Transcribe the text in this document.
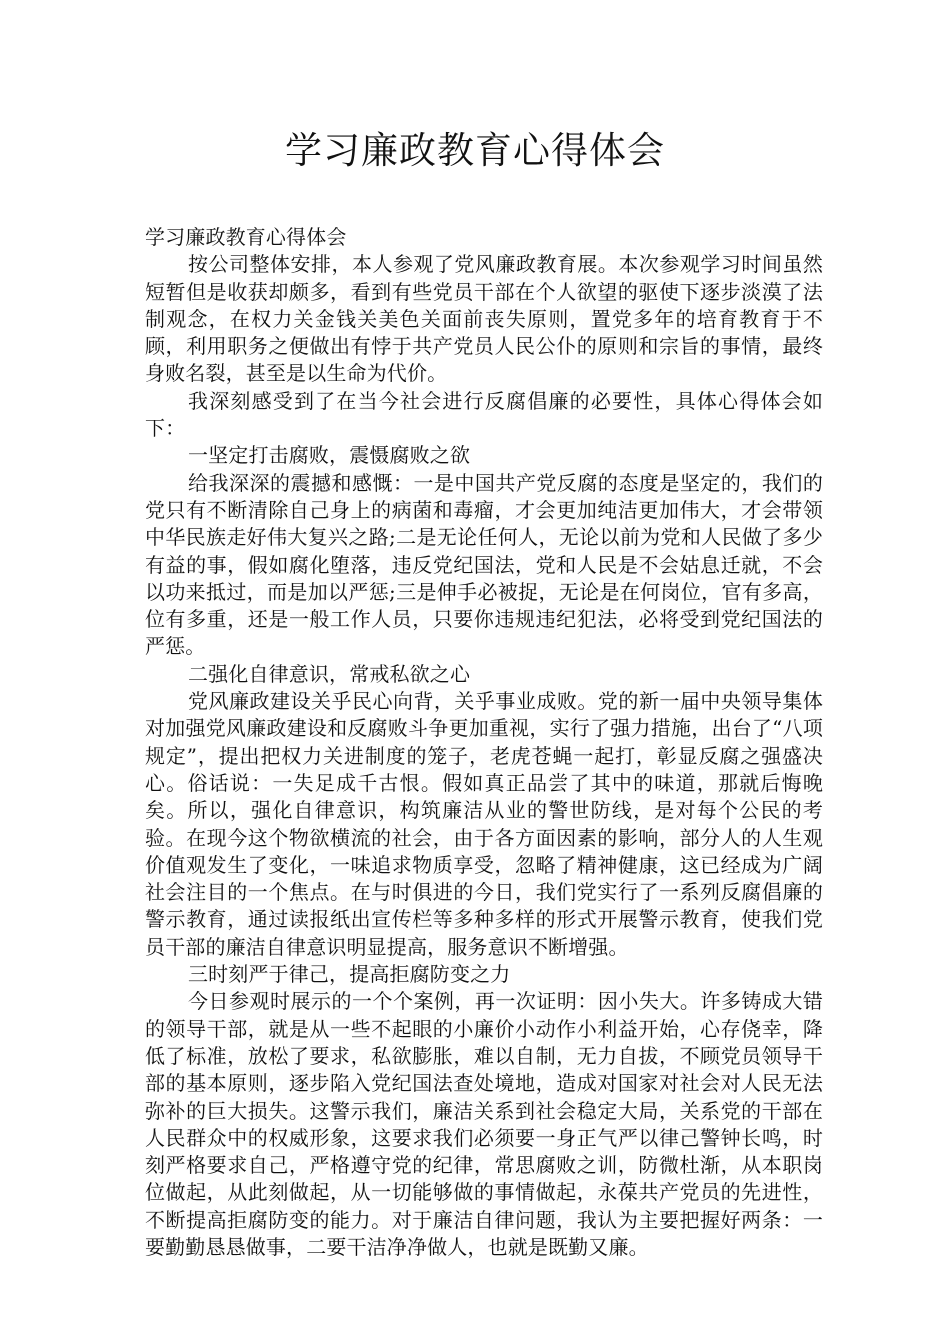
学习廉政教育心得体会

学习廉政教育心得体会

按公司整体安排，本人参观了党风廉政教育展。本次参观学习时间虽然短暂但是收获却颇多，看到有些党员干部在个人欲望的驱使下逐步淡漠了法制观念，在权力关金钱关美色关面前丧失原则，置党多年的培育教育于不顾，利用职务之便做出有悖于共产党员人民公仆的原则和宗旨的事情，最终身败名裂，甚至是以生命为代价。

我深刻感受到了在当今社会进行反腐倡廉的必要性，具体心得体会如下：

一坚定打击腐败，震慑腐败之欲

给我深深的震撼和感慨：一是中国共产党反腐的态度是坚定的，我们的党只有不断清除自己身上的病菌和毒瘤，才会更加纯洁更加伟大，才会带领中华民族走好伟大复兴之路;二是无论任何人，无论以前为党和人民做了多少有益的事，假如腐化堕落，违反党纪国法，党和人民是不会姑息迁就，不会以功来抵过，而是加以严惩;三是伸手必被捉，无论是在何岗位，官有多高，位有多重，还是一般工作人员，只要你违规违纪犯法，必将受到党纪国法的严惩。

二强化自律意识，常戒私欲之心

党风廉政建设关乎民心向背，关乎事业成败。党的新一届中央领导集体对加强党风廉政建设和反腐败斗争更加重视，实行了强力措施，出台了“八项规定”，提出把权力关进制度的笼子，老虎苍蝇一起打，彰显反腐之强盛决心。俗话说：一失足成千古恨。假如真正品尝了其中的味道，那就后悔晚矣。所以，强化自律意识，构筑廉洁从业的警世防线，是对每个公民的考验。在现今这个物欲横流的社会，由于各方面因素的影响，部分人的人生观价值观发生了变化，一味追求物质享受，忽略了精神健康，这已经成为广阔社会注目的一个焦点。在与时俱进的今日，我们党实行了一系列反腐倡廉的警示教育，通过读报纸出宣传栏等多种多样的形式开展警示教育，使我们党员干部的廉洁自律意识明显提高，服务意识不断增强。

三时刻严于律己，提高拒腐防变之力

今日参观时展示的一个个案例，再一次证明：因小失大。许多铸成大错的领导干部，就是从一些不起眼的小廉价小动作小利益开始，心存侥幸，降低了标准，放松了要求，私欲膨胀，难以自制，无力自拔，不顾党员领导干部的基本原则，逐步陷入党纪国法查处境地，造成对国家对社会对人民无法弥补的巨大损失。这警示我们，廉洁关系到社会稳定大局，关系党的干部在人民群众中的权威形象，这要求我们必须要一身正气严以律己警钟长鸣，时刻严格要求自己，严格遵守党的纪律，常思腐败之训，防微杜渐，从本职岗位做起，从此刻做起，从一切能够做的事情做起，永葆共产党员的先进性，不断提高拒腐防变的能力。对于廉洁自律问题，我认为主要把握好两条：一要勤勤恳恳做事，二要干洁净净做人，也就是既勤又廉。
